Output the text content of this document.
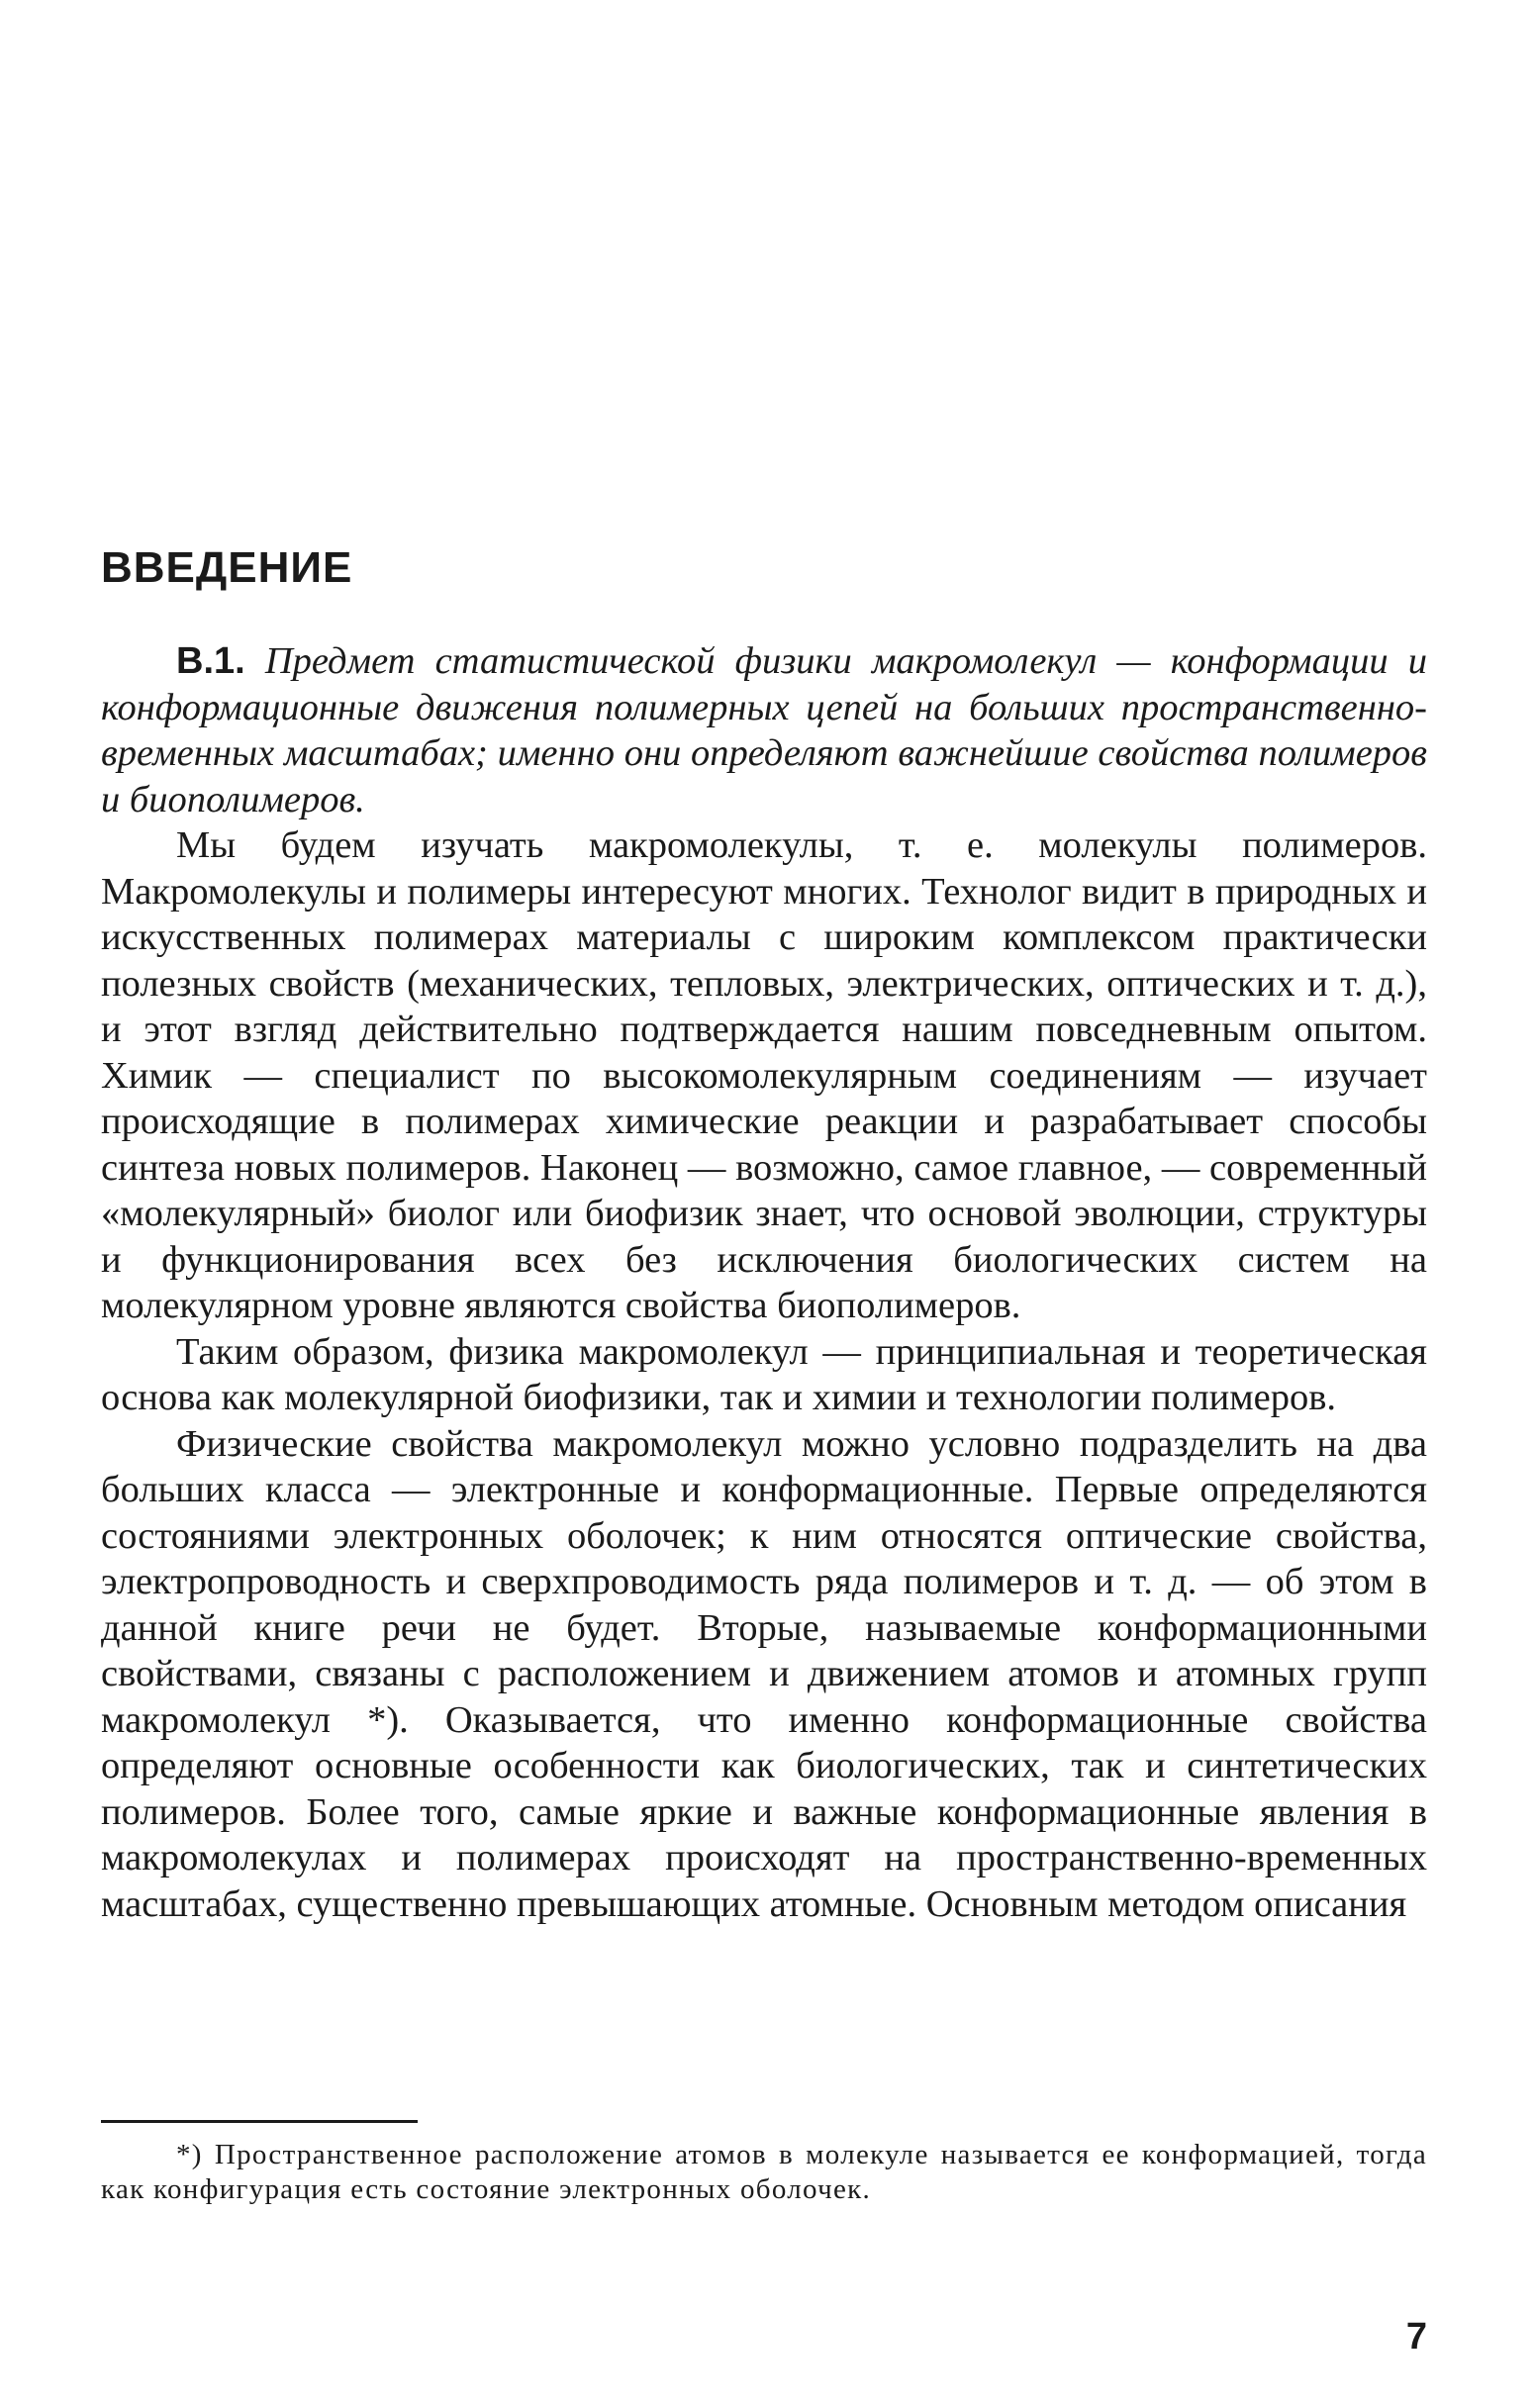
ВВЕДЕНИЕ

В.1. Предмет статистической физики макромолекул — конформации и конформационные движения полимерных цепей на больших пространственно-временных масштабах; именно они определяют важнейшие свойства полимеров и биополимеров.

Мы будем изучать макромолекулы, т. е. молекулы полимеров. Макромолекулы и полимеры интересуют многих. Технолог видит в природных и искусственных полимерах материалы с широким комплексом практически полезных свойств (механических, тепловых, электрических, оптических и т. д.), и этот взгляд действительно подтверждается нашим повседневным опытом. Химик — специалист по высокомолекулярным соединениям — изучает происходящие в полимерах химические реакции и разрабатывает способы синтеза новых полимеров. Наконец — возможно, самое главное, — современный «молекулярный» биолог или биофизик знает, что основой эволюции, структуры и функционирования всех без исключения биологических систем на молекулярном уровне являются свойства биополимеров.

Таким образом, физика макромолекул — принципиальная и теоретическая основа как молекулярной биофизики, так и химии и технологии полимеров.

Физические свойства макромолекул можно условно подразделить на два больших класса — электронные и конформационные. Первые определяются состояниями электронных оболочек; к ним относятся оптические свойства, электропроводность и сверхпроводимость ряда полимеров и т. д. — об этом в данной книге речи не будет. Вторые, называемые конформационными свойствами, связаны с расположением и движением атомов и атомных групп макромолекул *). Оказывается, что именно конформационные свойства определяют основные особенности как биологических, так и синтетических полимеров. Более того, самые яркие и важные конформационные явления в макромолекулах и полимерах происходят на пространственно-временных масштабах, существенно превышающих атомные. Основным методом описания

*) Пространственное расположение атомов в молекуле называется ее конформацией, тогда как конфигурация есть состояние электронных оболочек.

7
